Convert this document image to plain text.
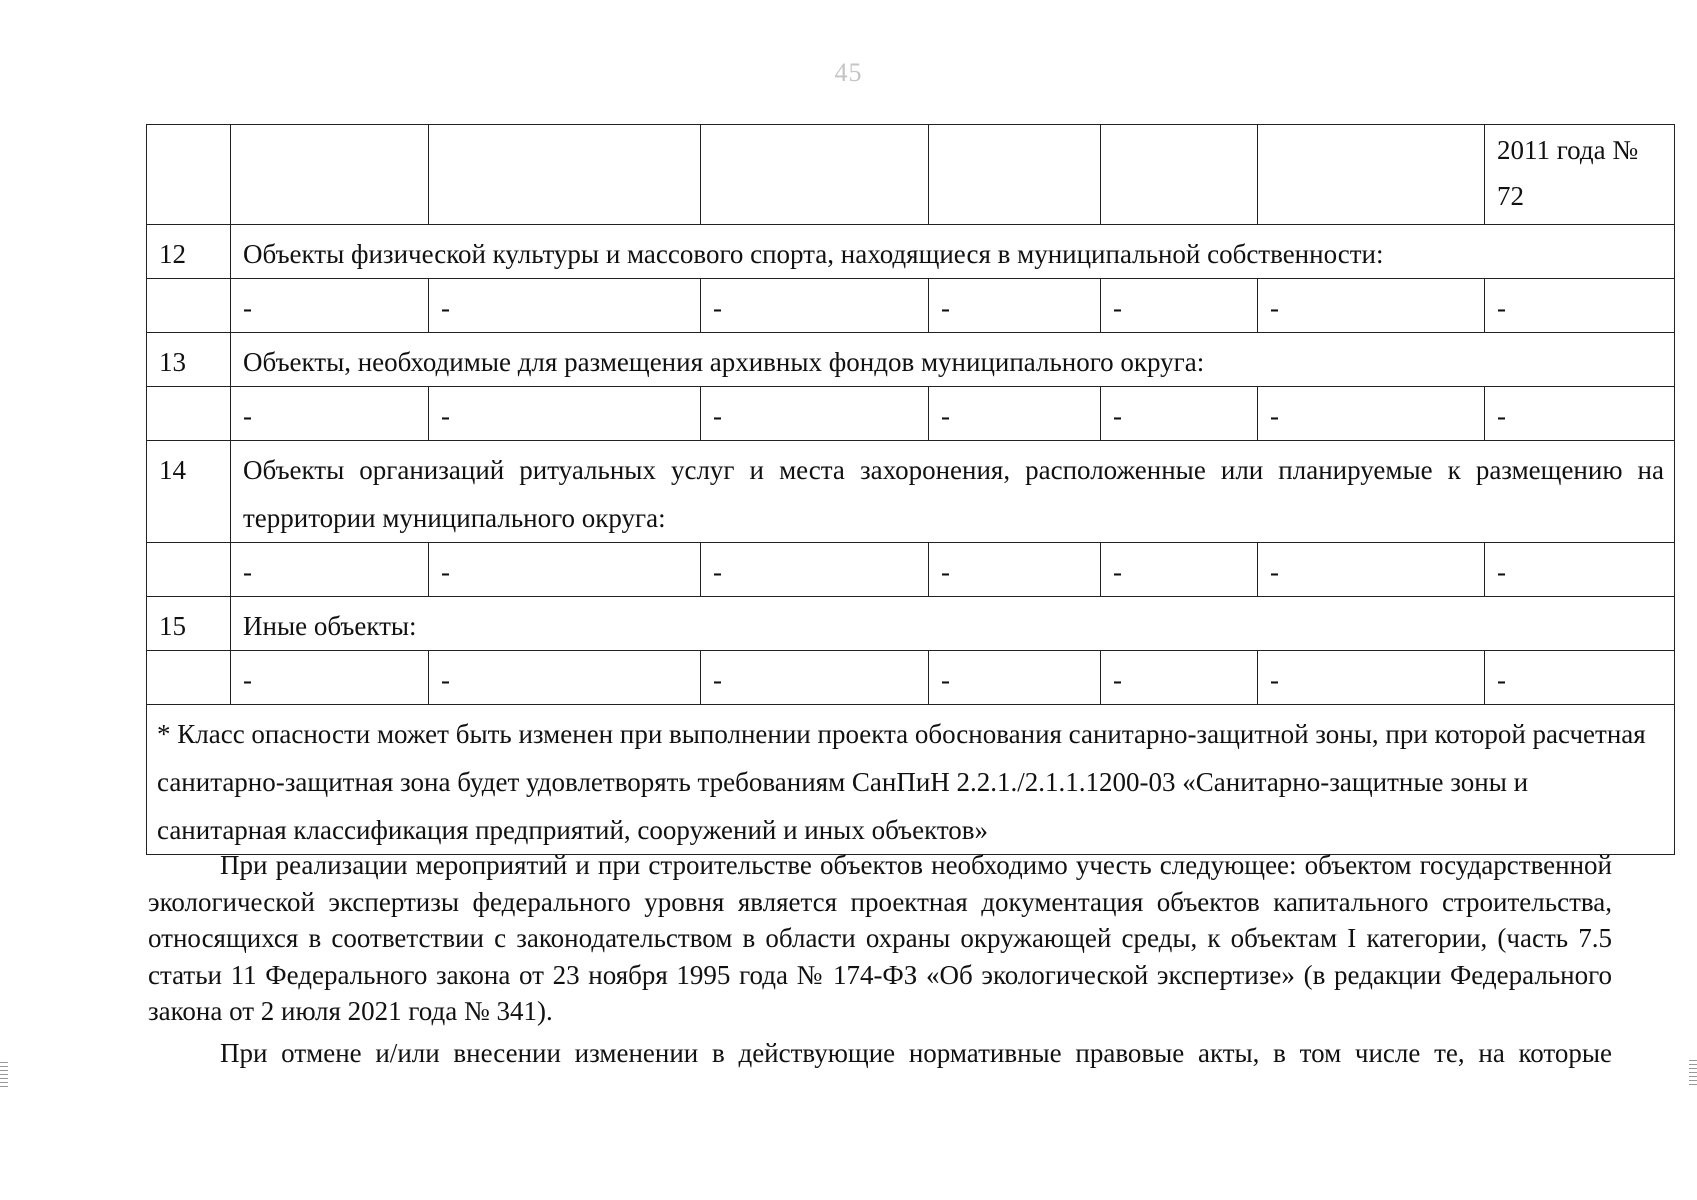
45
							2011 года № 72
12	Объекты физической культуры и массового спорта, находящиеся в муниципальной собственности:						
	-	-	-	-	-	-	-
13	Объекты, необходимые для размещения архивных фондов муниципального округа:						
	-	-	-	-	-	-	-
14	Объекты организаций ритуальных услуг и места захоронения, расположенные или планируемые к размещению на территории муниципального округа:						
	-	-	-	-	-	-	-
15	Иные объекты:						
	-	-	-	-	-	-	-
* Класс опасности может быть изменен при выполнении проекта обоснования санитарно-защитной зоны, при которой расчетная санитарно-защитная зона будет удовлетворять требованиям СанПиН 2.2.1./2.1.1.1200-03 «Санитарно-защитные зоны и санитарная классификация предприятий, сооружений и иных объектов»							

При реализации мероприятий и при строительстве объектов необходимо учесть следующее: объектом государственной экологической экспертизы федерального уровня является проектная документация объектов капитального строительства, относящихся в соответствии с законодательством в области охраны окружающей среды, к объектам I категории, (часть 7.5 статьи 11 Федерального закона от 23 ноября 1995 года № 174-ФЗ «Об экологической экспертизе» (в редакции Федерального закона от 2 июля 2021 года № 341).

При отмене и/или внесении изменении в действующие нормативные правовые акты, в том числе те, на которые
